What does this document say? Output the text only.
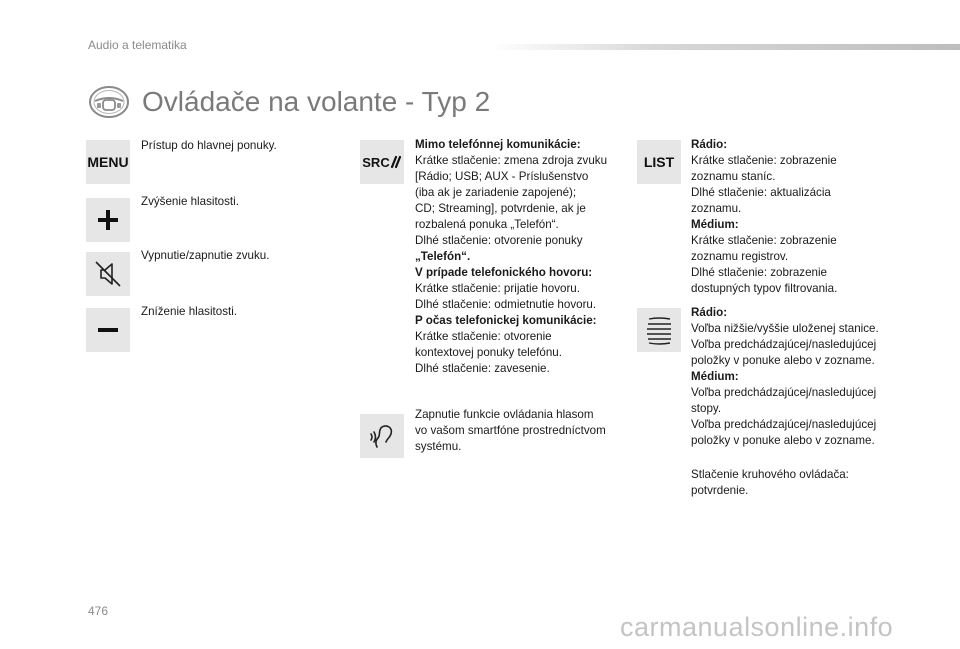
Audio a telematika
Ovládače na volante - Typ 2
MENU
Prístup do hlavnej ponuky.
Zvýšenie hlasitosti.
Vypnutie/zapnutie zvuku.
Zníženie hlasitosti.
SRC
Mimo telefónnej komunikácie:
Krátke stlačenie: zmena zdroja zvuku
[Rádio; USB; AUX - Príslušenstvo
(iba ak je zariadenie zapojené);
CD; Streaming], potvrdenie, ak je
rozbalená ponuka „Telefón“.
Dlhé stlačenie: otvorenie ponuky
„Telefón“.
V prípade telefonického hovoru:
Krátke stlačenie: prijatie hovoru.
Dlhé stlačenie: odmietnutie hovoru.
P očas telefonickej komunikácie:
Krátke stlačenie: otvorenie
kontextovej ponuky telefónu.
Dlhé stlačenie: zavesenie.
Zapnutie funkcie ovládania hlasom
vo vašom smartfóne prostredníctvom
systému.
LIST
Rádio:
Krátke stlačenie: zobrazenie
zoznamu staníc.
Dlhé stlačenie: aktualizácia
zoznamu.
Médium:
Krátke stlačenie: zobrazenie
zoznamu registrov.
Dlhé stlačenie: zobrazenie
dostupných typov filtrovania.
Rádio:
Voľba nižšie/vyššie uloženej stanice.
Voľba predchádzajúcej/nasledujúcej
položky v ponuke alebo v zozname.
Médium:
Voľba predchádzajúcej/nasledujúcej
stopy.
Voľba predchádzajúcej/nasledujúcej
položky v ponuke alebo v zozname.
Stlačenie kruhového ovládača:
potvrdenie.
476
carmanualsonline.info
